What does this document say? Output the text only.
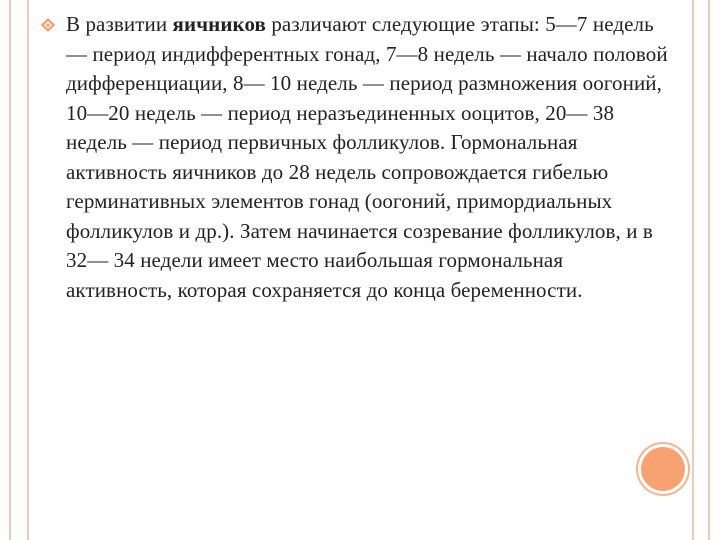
В развитии яичников различают следующие этапы: 5—7 недель — период индифферентных гонад, 7—8 недель — начало половой дифференциации, 8— 10 недель — период размножения оогоний, 10—20 недель — период неразъединенных ооцитов, 20— 38 недель — период первичных фолликулов. Гормональная активность яичников до 28 недель сопровождается гибелью герминативных элементов гонад (оогоний, примордиальных фолликулов и др.). Затем начинается созревание фолликулов, и в 32— 34 недели имеет место наибольшая гормональная активность, которая сохраняется до конца беременности.
